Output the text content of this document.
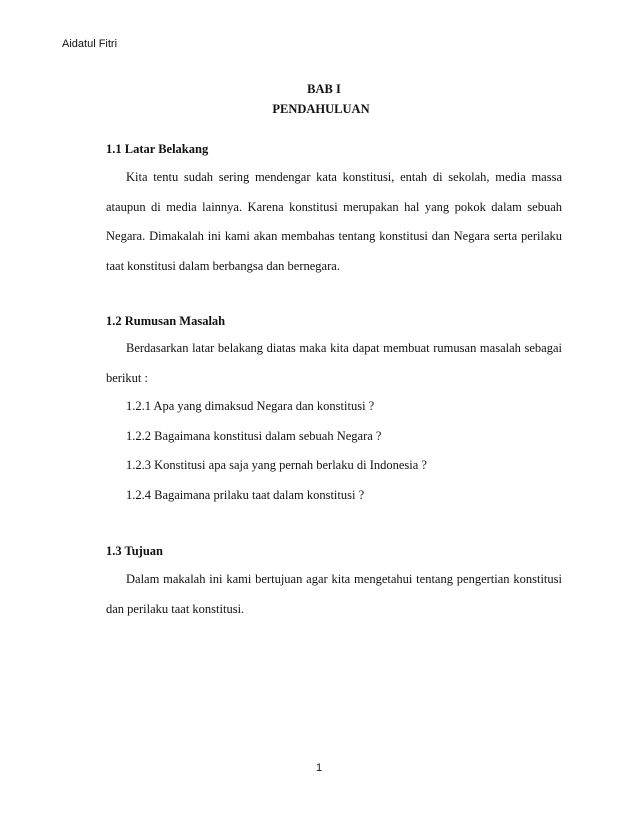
Aidatul Fitri
BAB I
PENDAHULUAN
1.1 Latar Belakang

Kita tentu sudah sering mendengar kata konstitusi, entah di sekolah, media massa ataupun di media lainnya. Karena konstitusi merupakan hal yang pokok dalam sebuah Negara. Dimakalah ini kami akan membahas tentang konstitusi dan Negara serta perilaku taat konstitusi dalam berbangsa dan bernegara.

1.2 Rumusan Masalah

Berdasarkan latar belakang diatas maka kita dapat membuat rumusan masalah sebagai berikut :

1.2.1 Apa yang dimaksud Negara dan konstitusi ?
1.2.2 Bagaimana konstitusi dalam sebuah Negara ?
1.2.3 Konstitusi apa saja yang pernah berlaku di Indonesia ?
1.2.4 Bagaimana prilaku taat dalam konstitusi ?
1.3 Tujuan

Dalam makalah ini kami bertujuan agar kita mengetahui tentang pengertian konstitusi dan perilaku taat konstitusi.

1
